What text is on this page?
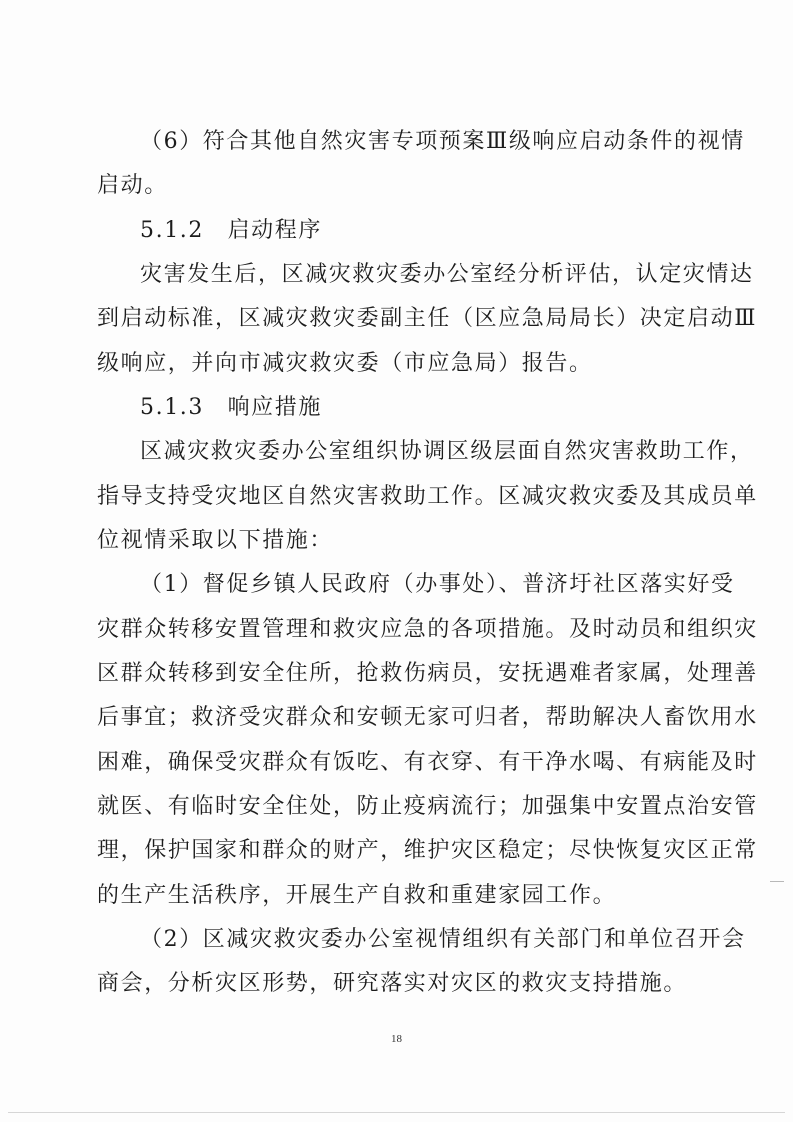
（6）符合其他自然灾害专项预案Ⅲ级响应启动条件的视情
启动。
5.1.2　启动程序
灾害发生后，区减灾救灾委办公室经分析评估，认定灾情达
到启动标准，区减灾救灾委副主任（区应急局局长）决定启动Ⅲ
级响应，并向市减灾救灾委（市应急局）报告。
5.1.3　响应措施
区减灾救灾委办公室组织协调区级层面自然灾害救助工作，
指导支持受灾地区自然灾害救助工作。区减灾救灾委及其成员单
位视情采取以下措施：
（1）督促乡镇人民政府（办事处）、普济圩社区落实好受
灾群众转移安置管理和救灾应急的各项措施。及时动员和组织灾
区群众转移到安全住所，抢救伤病员，安抚遇难者家属，处理善
后事宜；救济受灾群众和安顿无家可归者，帮助解决人畜饮用水
困难，确保受灾群众有饭吃、有衣穿、有干净水喝、有病能及时
就医、有临时安全住处，防止疫病流行；加强集中安置点治安管
理，保护国家和群众的财产，维护灾区稳定；尽快恢复灾区正常
的生产生活秩序，开展生产自救和重建家园工作。
（2）区减灾救灾委办公室视情组织有关部门和单位召开会
商会，分析灾区形势，研究落实对灾区的救灾支持措施。
18
